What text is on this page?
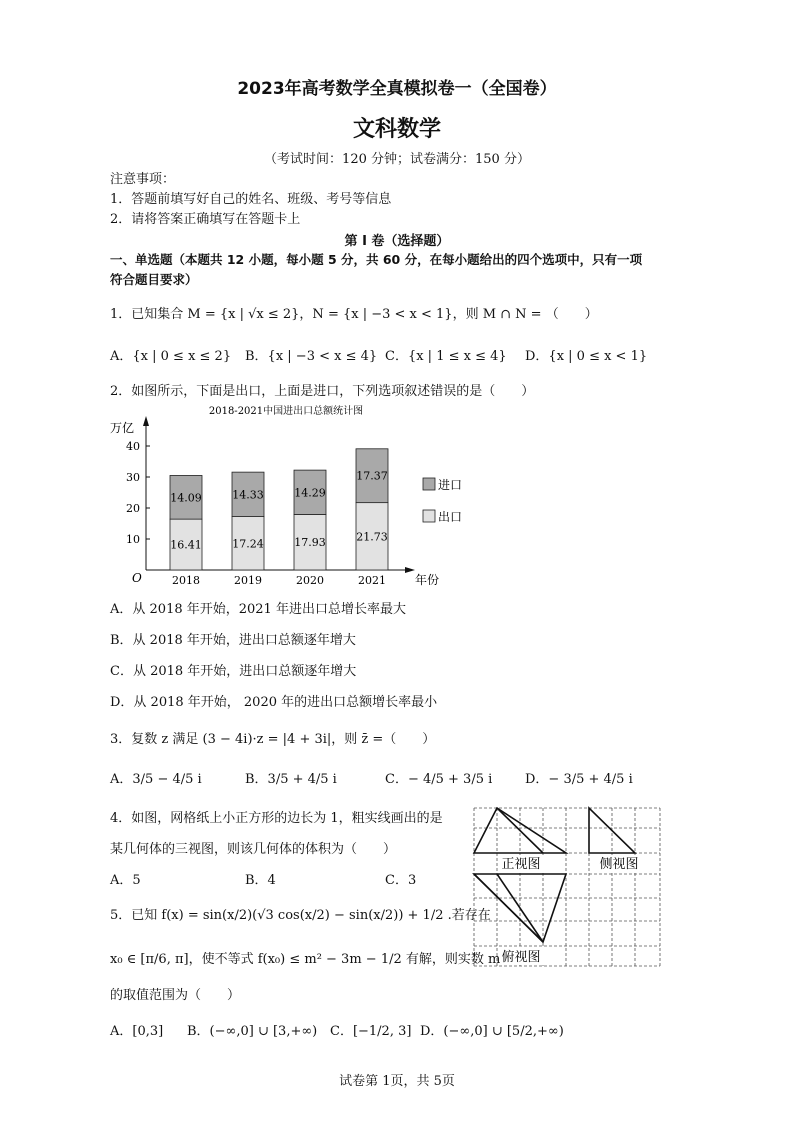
2023年高考数学全真模拟卷一（全国卷）
文科数学
（考试时间：120 分钟；试卷满分：150 分）
注意事项：
1．答题前填写好自己的姓名、班级、考号等信息
2．请将答案正确填写在答题卡上
第 I 卷（选择题）
一、单选题（本题共 12 小题，每小题 5 分，共 60 分，在每小题给出的四个选项中，只有一项
符合题目要求）
1．已知集合 M = {x | √x ≤ 2}，N = {x | −3 < x < 1}，则 M ∩ N = （　　）
A．{x | 0 ≤ x ≤ 2} B．{x | −3 < x ≤ 4} C．{x | 1 ≤ x ≤ 4} D．{x | 0 ≤ x < 1}
2．如图所示，下面是出口，上面是进口，下列选项叙述错误的是（　　）
2018-2021中国进出口总额统计图
万亿
年份
O
10
20
30
40
16.41
14.09
2018
17.24
14.33
2019
17.93
14.29
2020
21.73
17.37
2021
进口
出口
A．从 2018 年开始，2021 年进出口总增长率最大
B．从 2018 年开始，进出口总额逐年增大
C．从 2018 年开始，进出口总额逐年增大
D．从 2018 年开始， 2020 年的进出口总额增长率最小
3．复数 z 满足 (3 − 4i)·z = |4 + 3i|，则 z̄ =（　　）
A．3/5 − 4/5 i	B．3/5 + 4/5 i	C．− 4/5 + 3/5 i	D．− 3/5 + 4/5 i
4．如图，网格纸上小正方形的边长为 1，粗实线画出的是
某几何体的三视图，则该几何体的体积为（　　）
A．5	B．4	C．3
正视图	侧视图
俯视图
5．已知 f(x) = sin(x/2)(√3 cos(x/2) − sin(x/2)) + 1/2 .若存在
x₀ ∈ [π/6, π]，使不等式 f(x₀) ≤ m² − 3m − 1/2 有解，则实数 m
的取值范围为（　　）
A．[0,3] B．(−∞,0] ∪ [3,+∞) C．[−1/2, 3] D．(−∞,0] ∪ [5/2,+∞)
试卷第 1页，共 5页
